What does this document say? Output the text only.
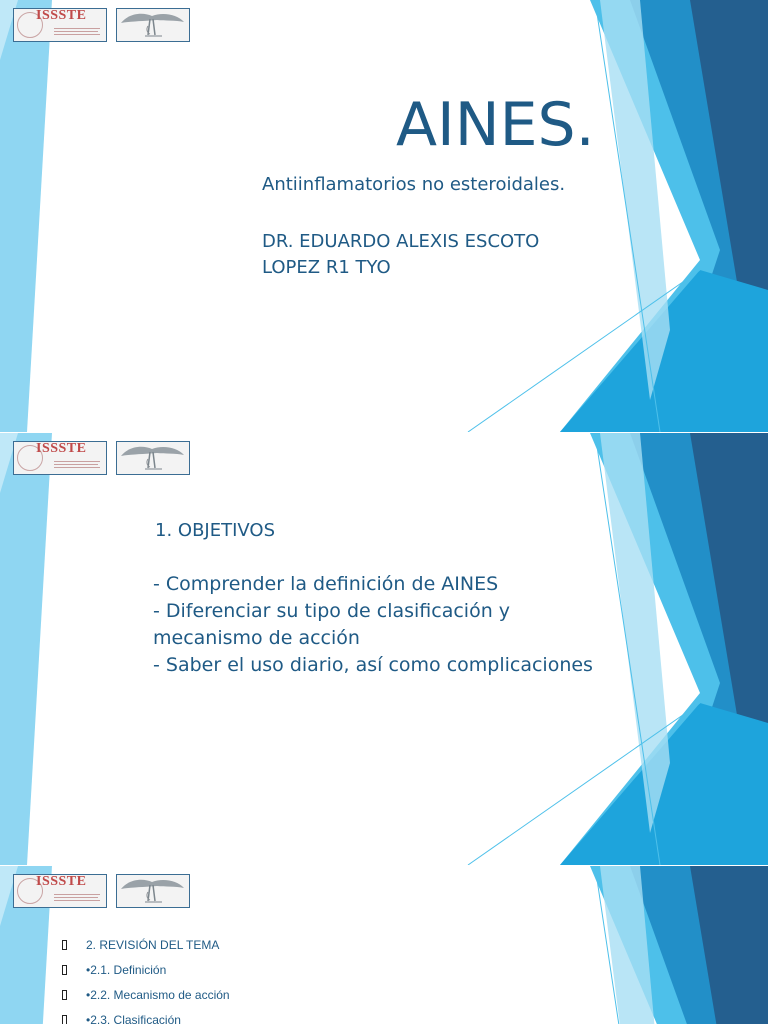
ISSSTE
AINES.

Antiinflamatorios no esteroidales.

DR. EDUARDO ALEXIS ESCOTO
LOPEZ R1 TYO
ISSSTE
1. OBJETIVOS
- Comprender la definición de AINES
- Diferenciar su tipo de clasificación y
mecanismo de acción
- Saber el uso diario, así como complicaciones
ISSSTE
2. REVISIÓN DEL TEMA
•2.1. Definición
•2.2. Mecanismo de acción
•2.3. Clasificación
